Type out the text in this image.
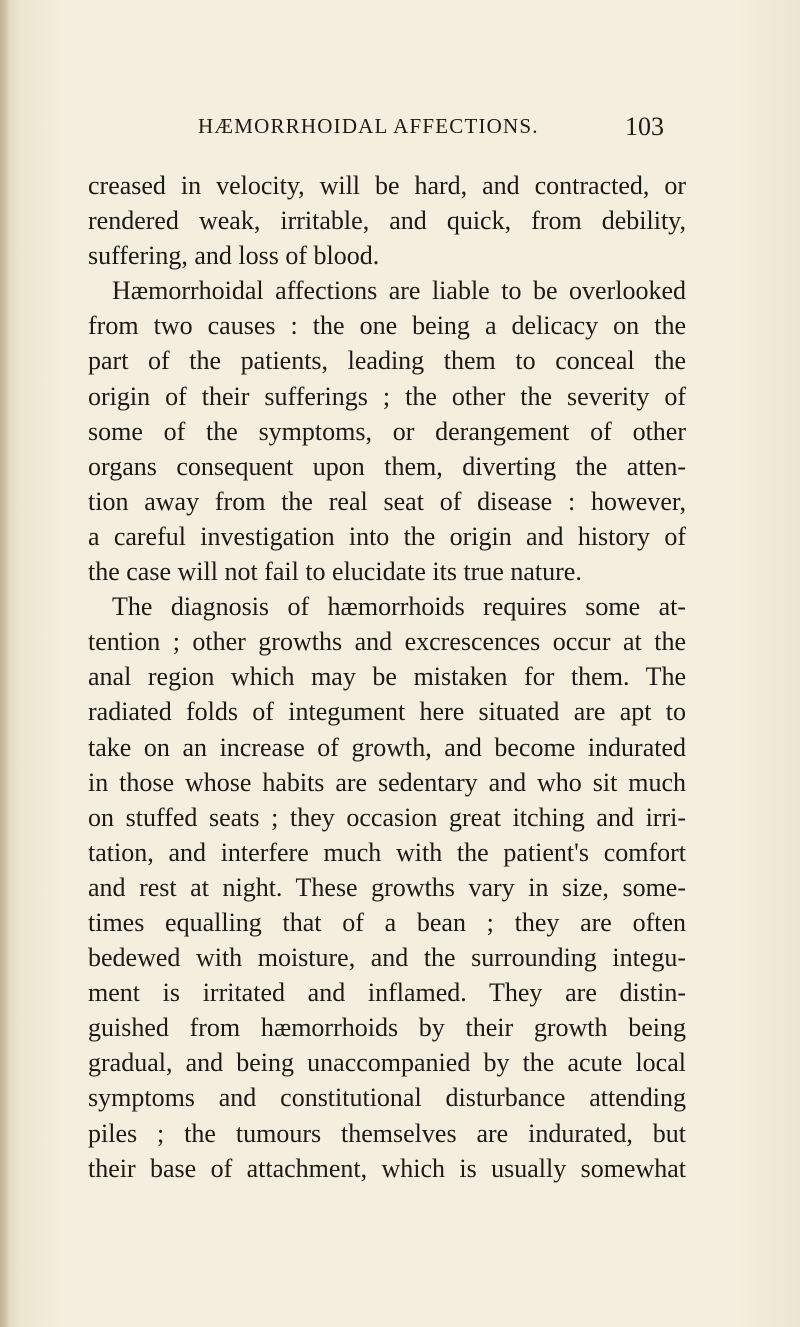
HÆMORRHOIDAL AFFECTIONS.	103
creased in velocity, will be hard, and contracted, or
rendered weak, irritable, and quick, from debility,
suffering, and loss of blood.
Hæmorrhoidal affections are liable to be overlooked
from two causes : the one being a delicacy on the
part of the patients, leading them to conceal the
origin of their sufferings ; the other the severity of
some of the symptoms, or derangement of other
organs consequent upon them, diverting the atten-
tion away from the real seat of disease : however,
a careful investigation into the origin and history of
the case will not fail to elucidate its true nature.
The diagnosis of hæmorrhoids requires some at-
tention ; other growths and excrescences occur at the
anal region which may be mistaken for them. The
radiated folds of integument here situated are apt to
take on an increase of growth, and become indurated
in those whose habits are sedentary and who sit much
on stuffed seats ; they occasion great itching and irri-
tation, and interfere much with the patient's comfort
and rest at night. These growths vary in size, some-
times equalling that of a bean ; they are often
bedewed with moisture, and the surrounding integu-
ment is irritated and inflamed. They are distin-
guished from hæmorrhoids by their growth being
gradual, and being unaccompanied by the acute local
symptoms and constitutional disturbance attending
piles ; the tumours themselves are indurated, but
their base of attachment, which is usually somewhat
